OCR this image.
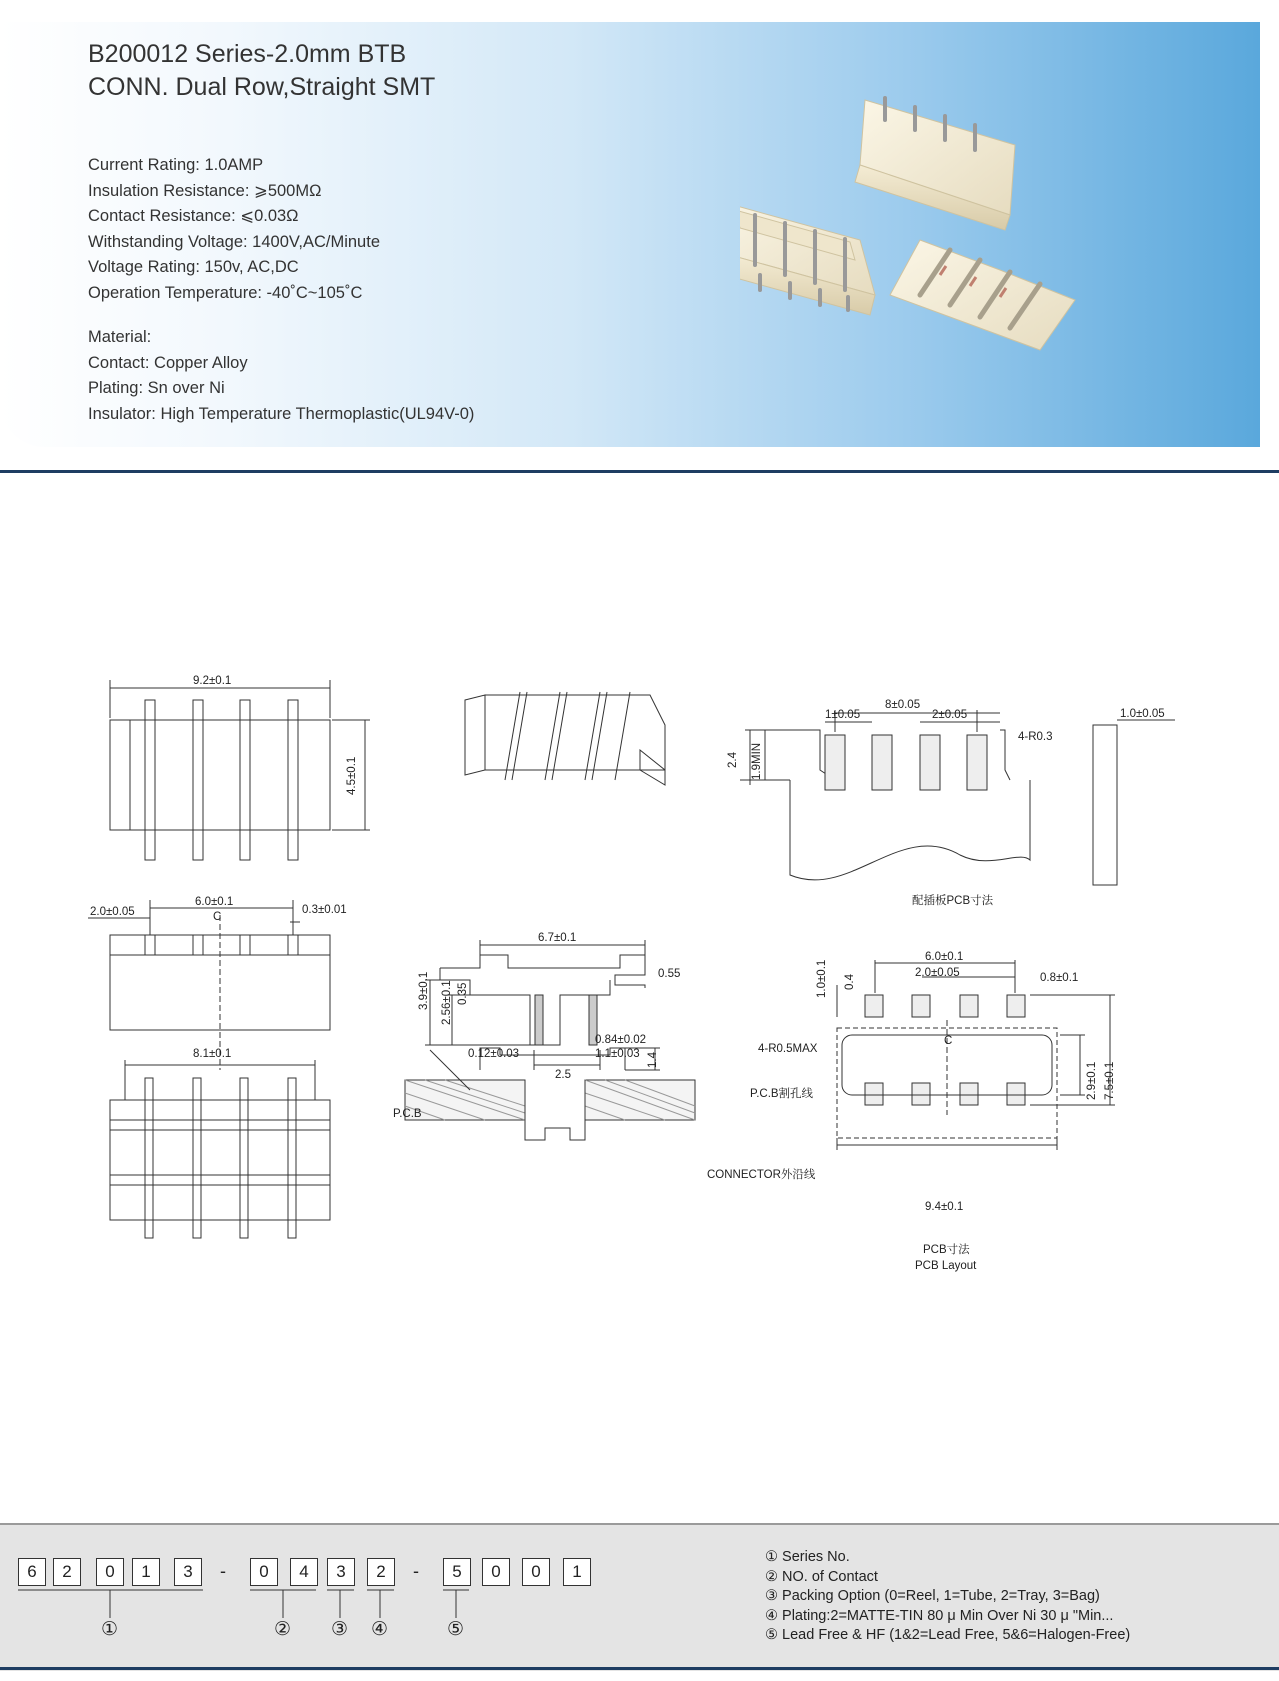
B200012 Series-2.0mm BTB
CONN. Dual Row,Straight SMT
Current Rating: 1.0AMP
Insulation Resistance: ⩾500MΩ
Contact Resistance: ⩽0.03Ω
Withstanding Voltage: 1400V,AC/Minute
Voltage Rating: 150v, AC,DC
Operation Temperature: -40˚C~105˚C
Material:
Contact: Copper Alloy
Plating: Sn over Ni
Insulator: High Temperature Thermoplastic(UL94V-0)
9.2±0.1
4.5±0.1
6.0±0.1
2.0±0.05	0.3±0.01
C
8.1±0.1
6.7±0.1
0.55
3.9±0.1 2.56±0.1 0.35
0.12±0.03
0.84±0.02
1.1±0.03
2.5
P.C.B
1.4
8±0.05
1±0.05	2±0.05
4-R0.3
2.4 1.9MIN
1.0±0.05
配插板PCB寸法
1.0±0.1 0.4
6.0±0.1
2.0±0.05	0.8±0.1
4-R0.5MAX
C
P.C.B割孔线
CONNECTOR外沿线
2.9±0.1 7.5±0.1
9.4±0.1
PCB寸法
PCB Layout
6	2	0	1	3	-	0	4	3	2	-	5	0	0	1
①	② ③ ④	⑤
① Series No.
② NO. of Contact
③ Packing Option (0=Reel, 1=Tube, 2=Tray, 3=Bag)
④ Plating:2=MATTE-TIN 80 μ Min Over Ni 30 μ "Min...
⑤ Lead Free & HF (1&2=Lead Free, 5&6=Halogen-Free)
